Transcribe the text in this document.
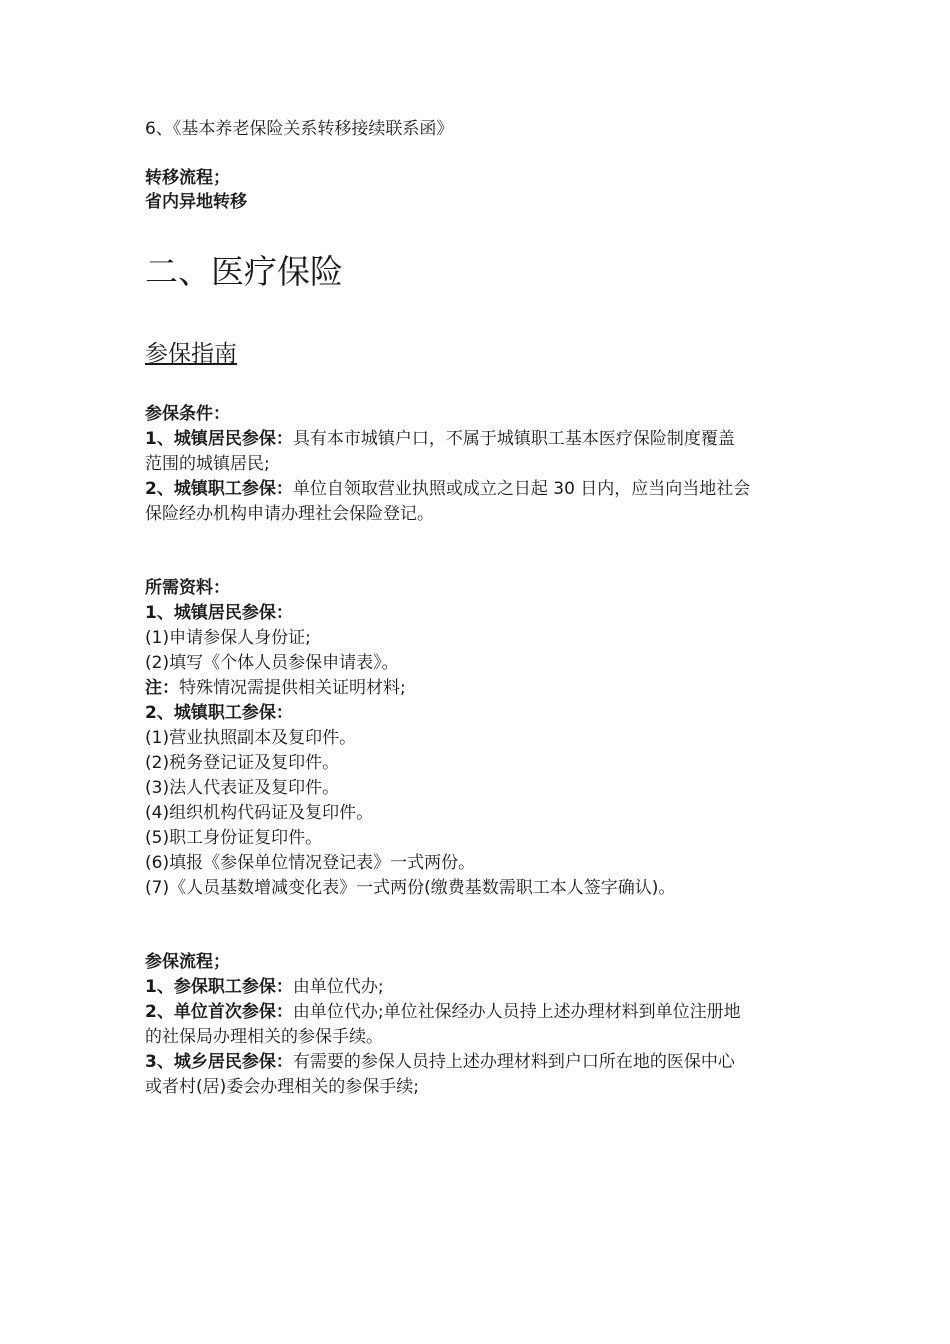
6、《基本养老保险关系转移接续联系函》
转移流程；
省内异地转移
二、医疗保险
参保指南
参保条件：
1、城镇居民参保：具有本市城镇户口，不属于城镇职工基本医疗保险制度覆盖
范围的城镇居民;
2、城镇职工参保：单位自领取营业执照或成立之日起 30 日内，应当向当地社会
保险经办机构申请办理社会保险登记。
所需资料：
1、城镇居民参保：
(1)申请参保人身份证;
(2)填写《个体人员参保申请表》。
注：特殊情况需提供相关证明材料;
2、城镇职工参保：
(1)营业执照副本及复印件。
(2)税务登记证及复印件。
(3)法人代表证及复印件。
(4)组织机构代码证及复印件。
(5)职工身份证复印件。
(6)填报《参保单位情况登记表》一式两份。
(7)《人员基数增减变化表》一式两份(缴费基数需职工本人签字确认)。
参保流程；
1、参保职工参保：由单位代办;
2、单位首次参保：由单位代办;单位社保经办人员持上述办理材料到单位注册地
的社保局办理相关的参保手续。
3、城乡居民参保：有需要的参保人员持上述办理材料到户口所在地的医保中心
或者村(居)委会办理相关的参保手续;
